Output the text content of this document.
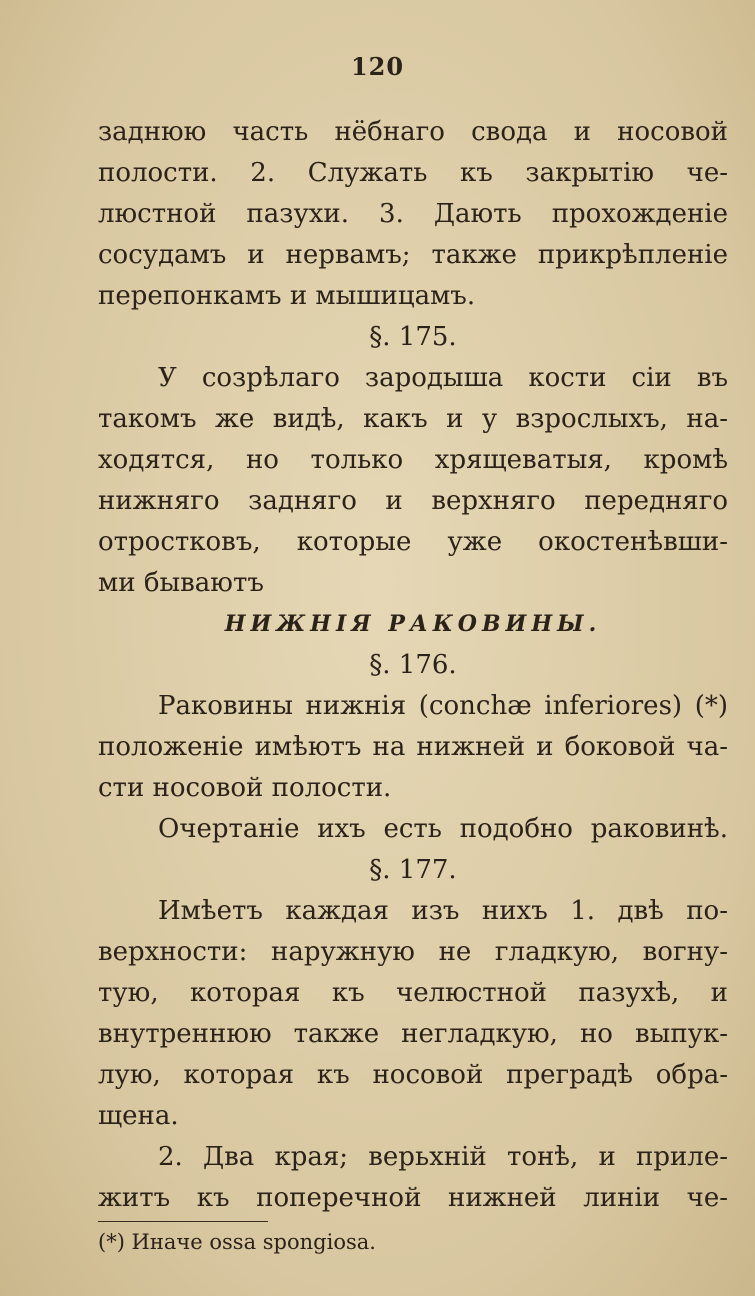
120
заднюю часть нёбнаго свода и носовой
полости. 2. Служать къ закрытію че-
люстной пазухи. 3. Дають прохожденіе
сосудамъ и нервамъ; также прикрѣпленіе
перепонкамъ и мышицамъ.
§. 175.
У созрѣлаго зародыша кости сіи въ
такомъ же видѣ, какъ и у взрослыхъ, на-
ходятся, но только хрящеватыя, кромѣ
нижняго задняго и верхняго передняго
отростковъ, которые уже окостенѣвши-
ми бываютъ
НИЖНІЯ РАКОВИНЫ.
§. 176.
Раковины нижнія (conchæ inferiores) (*)
положеніе имѣютъ на нижней и боковой ча-
сти носовой полости.
Очертаніе ихъ есть подобно раковинѣ.
§. 177.
Имѣетъ каждая изъ нихъ 1. двѣ по-
верхности: наружную не гладкую, вогну-
тую, которая къ челюстной пазухѣ, и
внутреннюю также негладкую, но выпук-
лую, которая къ носовой преградѣ обра-
щена.
2. Два края; верьхній тонѣ, и приле-
житъ къ поперечной нижней линіи че-
(*) Иначе ossa spongiosa.
